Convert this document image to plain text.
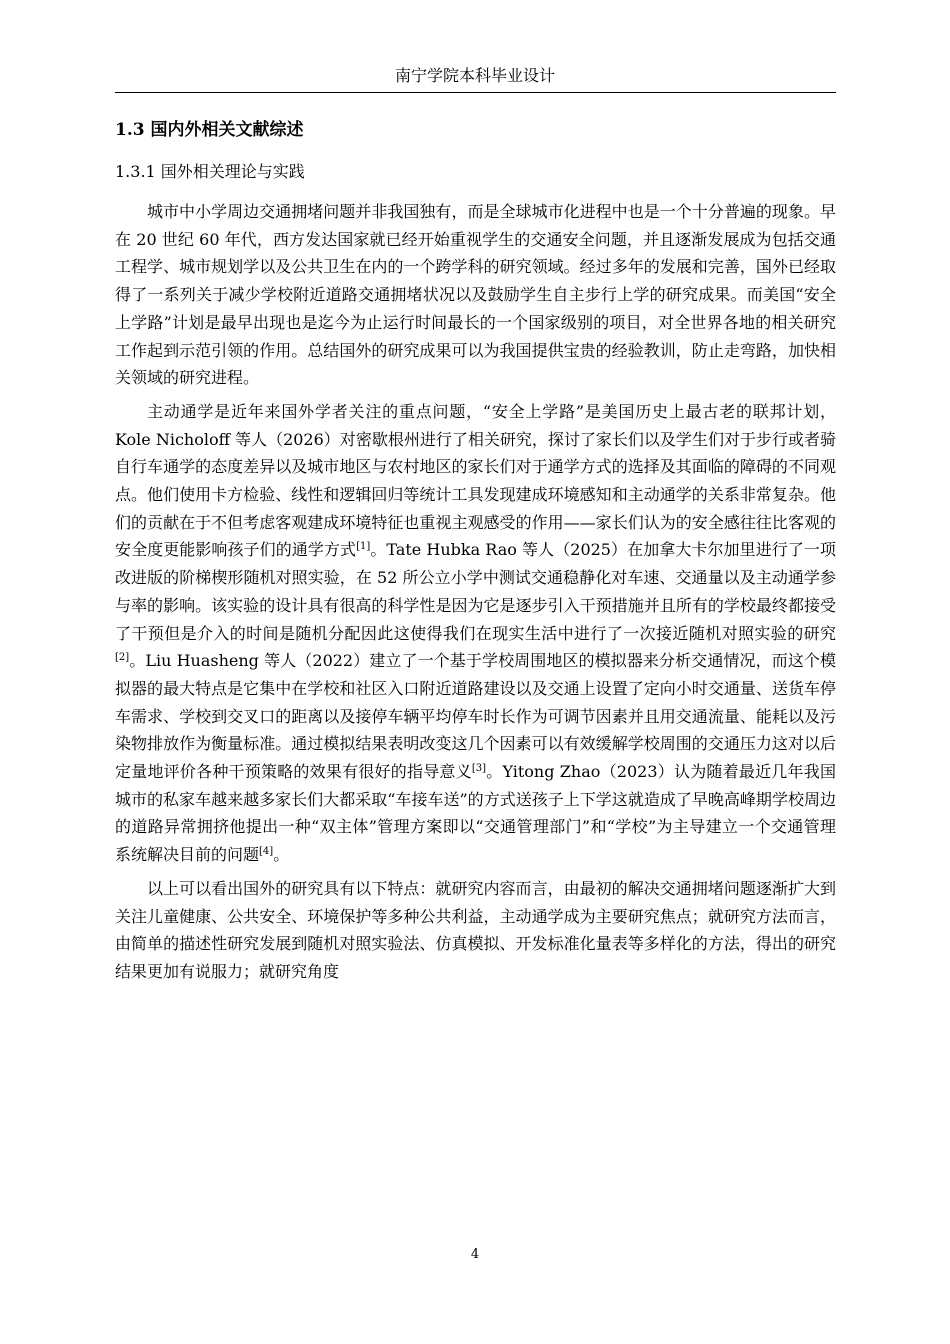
南宁学院本科毕业设计
1.3 国内外相关文献综述
1.3.1 国外相关理论与实践

城市中小学周边交通拥堵问题并非我国独有，而是全球城市化进程中也是一个十分普遍的现象。早在 20 世纪 60 年代，西方发达国家就已经开始重视学生的交通安全问题，并且逐渐发展成为包括交通工程学、城市规划学以及公共卫生在内的一个跨学科的研究领域。经过多年的发展和完善，国外已经取得了一系列关于减少学校附近道路交通拥堵状况以及鼓励学生自主步行上学的研究成果。而美国“安全上学路”计划是最早出现也是迄今为止运行时间最长的一个国家级别的项目，对全世界各地的相关研究工作起到示范引领的作用。总结国外的研究成果可以为我国提供宝贵的经验教训，防止走弯路，加快相关领域的研究进程。

主动通学是近年来国外学者关注的重点问题，“安全上学路”是美国历史上最古老的联邦计划，Kole Nicholoff 等人（2026）对密歇根州进行了相关研究，探讨了家长们以及学生们对于步行或者骑自行车通学的态度差异以及城市地区与农村地区的家长们对于通学方式的选择及其面临的障碍的不同观点。他们使用卡方检验、线性和逻辑回归等统计工具发现建成环境感知和主动通学的关系非常复杂。他们的贡献在于不但考虑客观建成环境特征也重视主观感受的作用——家长们认为的安全感往往比客观的安全度更能影响孩子们的通学方式[1]。Tate Hubka Rao 等人（2025）在加拿大卡尔加里进行了一项改进版的阶梯楔形随机对照实验，在 52 所公立小学中测试交通稳静化对车速、交通量以及主动通学参与率的影响。该实验的设计具有很高的科学性是因为它是逐步引入干预措施并且所有的学校最终都接受了干预但是介入的时间是随机分配因此这使得我们在现实生活中进行了一次接近随机对照实验的研究[2]。Liu Huasheng 等人（2022）建立了一个基于学校周围地区的模拟器来分析交通情况，而这个模拟器的最大特点是它集中在学校和社区入口附近道路建设以及交通上设置了定向小时交通量、送货车停车需求、学校到交叉口的距离以及接停车辆平均停车时长作为可调节因素并且用交通流量、能耗以及污染物排放作为衡量标准。通过模拟结果表明改变这几个因素可以有效缓解学校周围的交通压力这对以后定量地评价各种干预策略的效果有很好的指导意义[3]。Yitong Zhao（2023）认为随着最近几年我国城市的私家车越来越多家长们大都采取“车接车送”的方式送孩子上下学这就造成了早晚高峰期学校周边的道路异常拥挤他提出一种“双主体”管理方案即以“交通管理部门”和“学校”为主导建立一个交通管理系统解决目前的问题[4]。

以上可以看出国外的研究具有以下特点：就研究内容而言，由最初的解决交通拥堵问题逐渐扩大到关注儿童健康、公共安全、环境保护等多种公共利益，主动通学成为主要研究焦点；就研究方法而言，由简单的描述性研究发展到随机对照实验法、仿真模拟、开发标准化量表等多样化的方法，得出的研究结果更加有说服力；就研究角度

4
